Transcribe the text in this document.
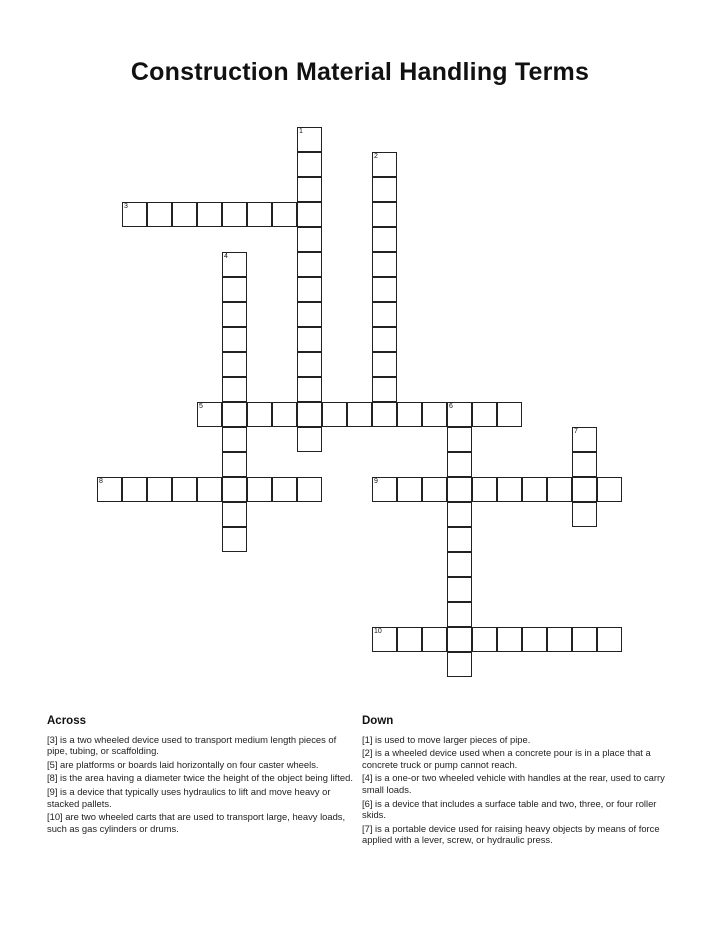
Construction Material Handling Terms
1
2
3
4
5	6
7
8	9
10
Across

[3] is a two wheeled device used to transport medium length pieces of pipe, tubing, or scaffolding.

[5] are platforms or boards laid horizontally on four caster wheels.

[8] is the area having a diameter twice the height of the object being lifted.

[9] is a device that typically uses hydraulics to lift and move heavy or stacked pallets.

[10] are two wheeled carts that are used to transport large, heavy loads, such as gas cylinders or drums.

Down

[1] is used to move larger pieces of pipe.

[2] is a wheeled device used when a concrete pour is in a place that a concrete truck or pump cannot reach.

[4] is a one-or two wheeled vehicle with handles at the rear, used to carry small loads.

[6] is a device that includes a surface table and two, three, or four roller skids.

[7] is a portable device used for raising heavy objects by means of force applied with a lever, screw, or hydraulic press.
